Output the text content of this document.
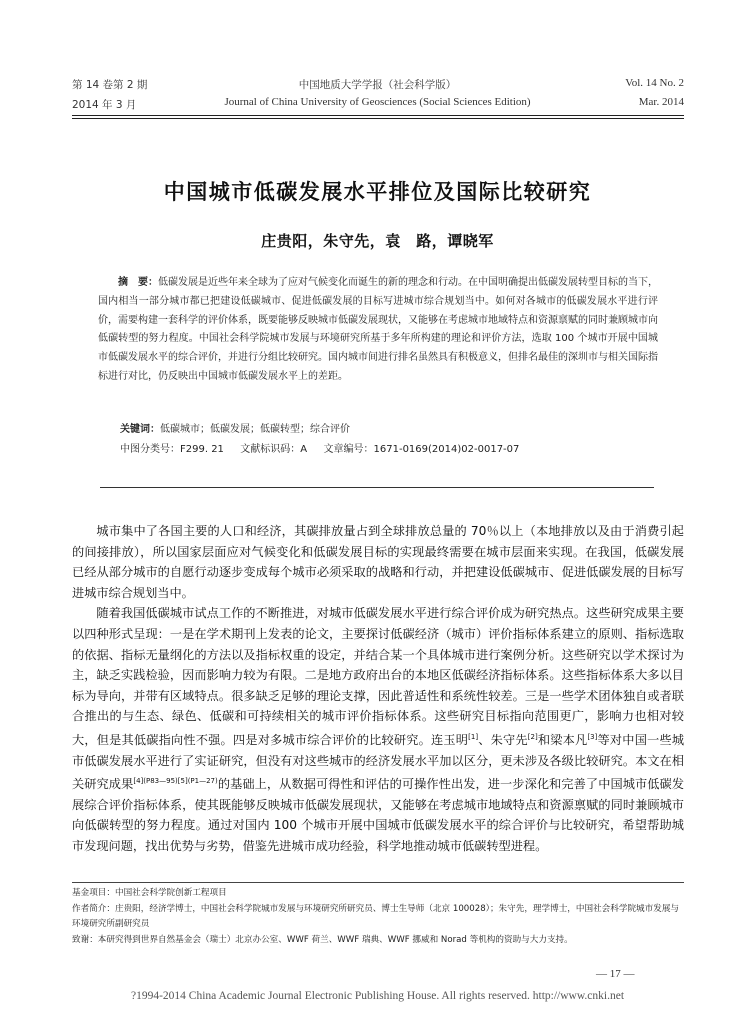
第 14 卷第 2 期
2014 年 3 月
中国地质大学学报（社会科学版）
Journal of China University of Geosciences (Social Sciences Edition)
Vol. 14 No. 2
Mar. 2014
中国城市低碳发展水平排位及国际比较研究
庄贵阳，朱守先，袁　路，谭晓军

摘　要：低碳发展是近些年来全球为了应对气候变化而诞生的新的理念和行动。在中国明确提出低碳发展转型目标的当下，国内相当一部分城市都已把建设低碳城市、促进低碳发展的目标写进城市综合规划当中。如何对各城市的低碳发展水平进行评价，需要构建一套科学的评价体系，既要能够反映城市低碳发展现状，又能够在考虑城市地域特点和资源禀赋的同时兼顾城市向低碳转型的努力程度。中国社会科学院城市发展与环境研究所基于多年所构建的理论和评价方法，选取 100 个城市开展中国城市低碳发展水平的综合评价，并进行分组比较研究。国内城市间进行排名虽然具有积极意义，但排名最佳的深圳市与相关国际指标进行对比，仍反映出中国城市低碳发展水平上的差距。

关键词：低碳城市；低碳发展；低碳转型；综合评价
中图分类号：F299. 21 文献标识码：A 文章编号：1671-0169(2014)02-0017-07

城市集中了各国主要的人口和经济，其碳排放量占到全球排放总量的 70％以上（本地排放以及由于消费引起的间接排放），所以国家层面应对气候变化和低碳发展目标的实现最终需要在城市层面来实现。在我国，低碳发展已经从部分城市的自愿行动逐步变成每个城市必须采取的战略和行动，并把建设低碳城市、促进低碳发展的目标写进城市综合规划当中。

随着我国低碳城市试点工作的不断推进，对城市低碳发展水平进行综合评价成为研究热点。这些研究成果主要以四种形式呈现：一是在学术期刊上发表的论文，主要探讨低碳经济（城市）评价指标体系建立的原则、指标选取的依据、指标无量纲化的方法以及指标权重的设定，并结合某一个具体城市进行案例分析。这些研究以学术探讨为主，缺乏实践检验，因而影响力较为有限。二是地方政府出台的本地区低碳经济指标体系。这些指标体系大多以目标为导向，并带有区域特点。很多缺乏足够的理论支撑，因此普适性和系统性较差。三是一些学术团体独自或者联合推出的与生态、绿色、低碳和可持续相关的城市评价指标体系。这些研究目标指向范围更广，影响力也相对较大，但是其低碳指向性不强。四是对多城市综合评价的比较研究。连玉明[1]、朱守先[2]和梁本凡[3]等对中国一些城市低碳发展水平进行了实证研究，但没有对这些城市的经济发展水平加以区分，更未涉及各级比较研究。本文在相关研究成果$^{[4](P83—95)[5](P1—27)}$的基础上，从数据可得性和评估的可操作性出发，进一步深化和完善了中国城市低碳发展综合评价指标体系，使其既能够反映城市低碳发展现状，又能够在考虑城市地域特点和资源禀赋的同时兼顾城市向低碳转型的努力程度。通过对国内 100 个城市开展中国城市低碳发展水平的综合评价与比较研究，希望帮助城市发现问题，找出优势与劣势，借鉴先进城市成功经验，科学地推动城市低碳转型进程。

基金项目：中国社会科学院创新工程项目

作者简介：庄贵阳，经济学博士，中国社会科学院城市发展与环境研究所研究员、博士生导师（北京 100028）；朱守先，理学博士，中国社会科学院城市发展与环境研究所副研究员

致谢：本研究得到世界自然基金会（瑞士）北京办公室、WWF 荷兰、WWF 瑞典、WWF 挪威和 Norad 等机构的资助与大力支持。

— 17 —
?1994-2014 China Academic Journal Electronic Publishing House. All rights reserved. http://www.cnki.net
